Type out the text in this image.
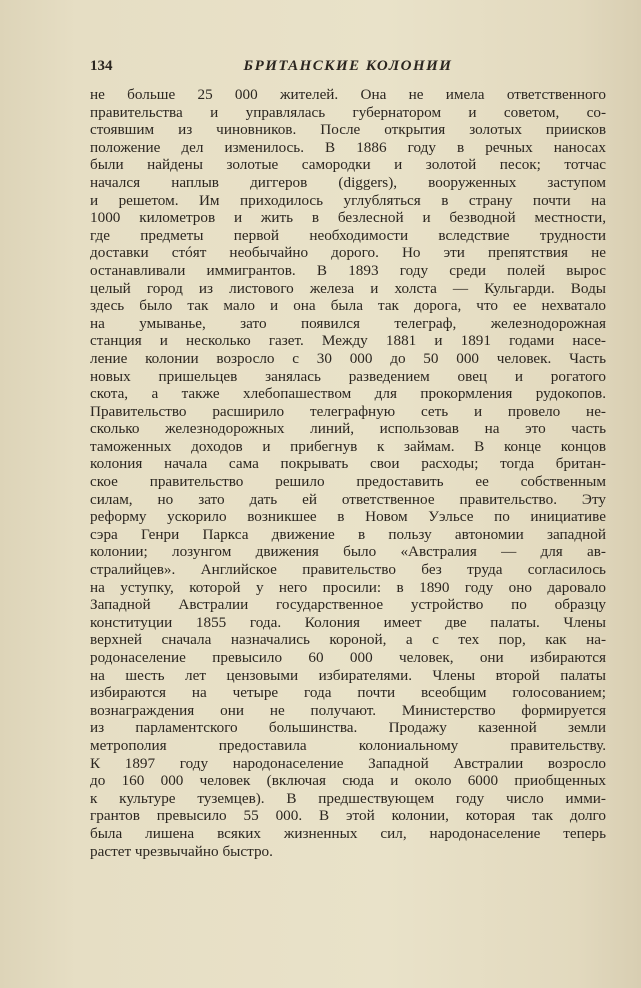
134	БРИТАНСКИЕ КОЛОНИИ
не больше 25 000 жителей. Она не имела ответственного
правительства и управлялась губернатором и советом, со-
стоявшим из чиновников. После открытия золотых приисков
положение дел изменилось. В 1886 году в речных наносах
были найдены золотые самородки и золотой песок; тотчас
начался наплыв диггеров (diggers), вооруженных заступом
и решетом. Им приходилось углубляться в страну почти на
1000 километров и жить в безлесной и безводной местности,
где предметы первой необходимости вследствие трудности
доставки стóят необычайно дорого. Но эти препятствия не
останавливали иммигрантов. В 1893 году среди полей вырос
целый город из листового железа и холста — Кульгарди. Воды
здесь было так мало и она была так дорога, что ее нехватало
на умыванье, зато появился телеграф, железнодорожная
станция и несколько газет. Между 1881 и 1891 годами насе-
ление колонии возросло с 30 000 до 50 000 человек. Часть
новых пришельцев занялась разведением овец и рогатого
скота, а также хлебопашеством для прокормления рудокопов.
Правительство расширило телеграфную сеть и провело не-
сколько железнодорожных линий, использовав на это часть
таможенных доходов и прибегнув к займам. В конце концов
колония начала сама покрывать свои расходы; тогда британ-
ское правительство решило предоставить ее собственным
силам, но зато дать ей ответственное правительство. Эту
реформу ускорило возникшее в Новом Уэльсе по инициативе
сэра Генри Паркса движение в пользу автономии западной
колонии; лозунгом движения было «Австралия — для ав-
стралийцев». Английское правительство без труда согласилось
на уступку, которой у него просили: в 1890 году оно даровало
Западной Австралии государственное устройство по образцу
конституции 1855 года. Колония имеет две палаты. Члены
верхней сначала назначались короной, а с тех пор, как на-
родонаселение превысило 60 000 человек, они избираются
на шесть лет цензовыми избирателями. Члены второй палаты
избираются на четыре года почти всеобщим голосованием;
вознаграждения они не получают. Министерство формируется
из парламентского большинства. Продажу казенной земли
метрополия предоставила колониальному правительству.
К 1897 году народонаселение Западной Австралии возросло
до 160 000 человек (включая сюда и около 6000 приобщенных
к культуре туземцев). В предшествующем году число имми-
грантов превысило 55 000. В этой колонии, которая так долго
была лишена всяких жизненных сил, народонаселение теперь
растет чрезвычайно быстро.
